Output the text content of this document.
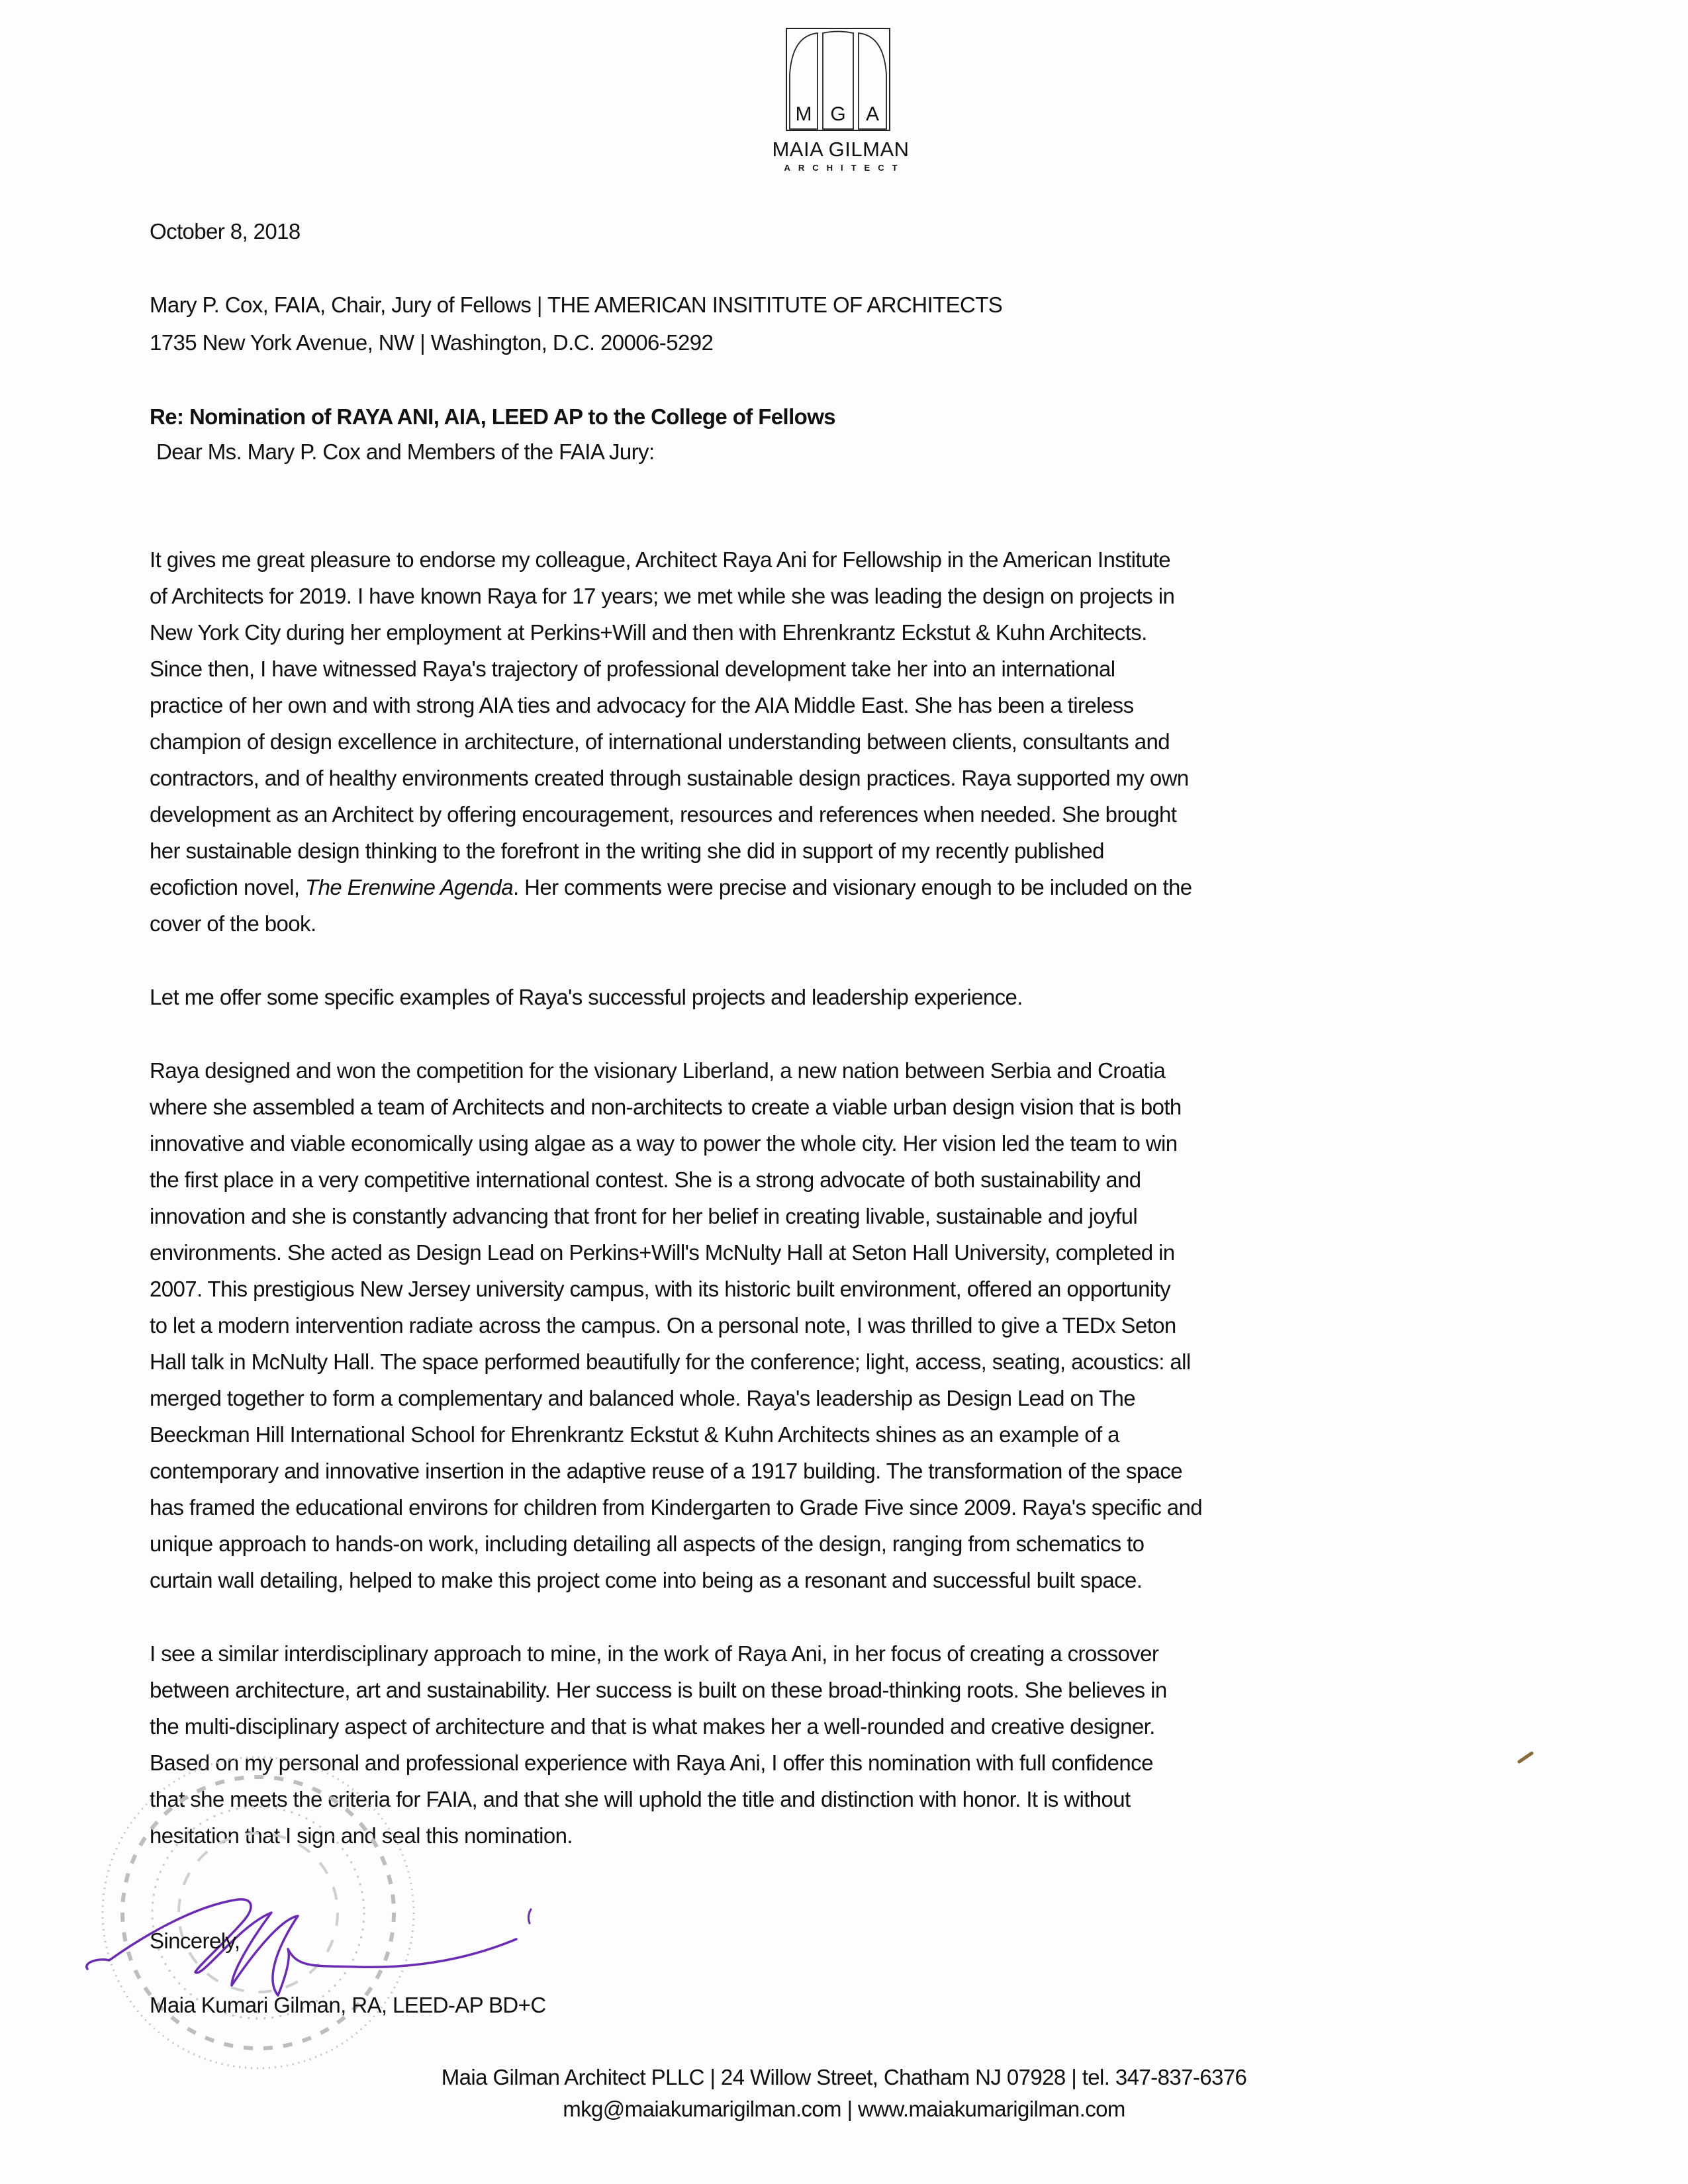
M G A
MAIA GILMAN
ARCHITECT
October 8, 2018
Mary P. Cox, FAIA, Chair, Jury of Fellows | THE AMERICAN INSITITUTE OF ARCHITECTS
1735 New York Avenue, NW | Washington, D.C. 20006-5292
Re: Nomination of RAYA ANI, AIA, LEED AP to the College of Fellows
Dear Ms. Mary P. Cox and Members of the FAIA Jury:
It gives me great pleasure to endorse my colleague, Architect Raya Ani for Fellowship in the American Institute
of Architects for 2019. I have known Raya for 17 years; we met while she was leading the design on projects in
New York City during her employment at Perkins+Will and then with Ehrenkrantz Eckstut & Kuhn Architects.
Since then, I have witnessed Raya's trajectory of professional development take her into an international
practice of her own and with strong AIA ties and advocacy for the AIA Middle East. She has been a tireless
champion of design excellence in architecture, of international understanding between clients, consultants and
contractors, and of healthy environments created through sustainable design practices. Raya supported my own
development as an Architect by offering encouragement, resources and references when needed. She brought
her sustainable design thinking to the forefront in the writing she did in support of my recently published
ecofiction novel, The Erenwine Agenda. Her comments were precise and visionary enough to be included on the
cover of the book.
Let me offer some specific examples of Raya's successful projects and leadership experience.
Raya designed and won the competition for the visionary Liberland, a new nation between Serbia and Croatia
where she assembled a team of Architects and non-architects to create a viable urban design vision that is both
innovative and viable economically using algae as a way to power the whole city. Her vision led the team to win
the first place in a very competitive international contest. She is a strong advocate of both sustainability and
innovation and she is constantly advancing that front for her belief in creating livable, sustainable and joyful
environments. She acted as Design Lead on Perkins+Will's McNulty Hall at Seton Hall University, completed in
2007. This prestigious New Jersey university campus, with its historic built environment, offered an opportunity
to let a modern intervention radiate across the campus. On a personal note, I was thrilled to give a TEDx Seton
Hall talk in McNulty Hall. The space performed beautifully for the conference; light, access, seating, acoustics: all
merged together to form a complementary and balanced whole. Raya's leadership as Design Lead on The
Beeckman Hill International School for Ehrenkrantz Eckstut & Kuhn Architects shines as an example of a
contemporary and innovative insertion in the adaptive reuse of a 1917 building. The transformation of the space
has framed the educational environs for children from Kindergarten to Grade Five since 2009. Raya's specific and
unique approach to hands-on work, including detailing all aspects of the design, ranging from schematics to
curtain wall detailing, helped to make this project come into being as a resonant and successful built space.
I see a similar interdisciplinary approach to mine, in the work of Raya Ani, in her focus of creating a crossover
between architecture, art and sustainability. Her success is built on these broad-thinking roots. She believes in
the multi-disciplinary aspect of architecture and that is what makes her a well-rounded and creative designer.
Based on my personal and professional experience with Raya Ani, I offer this nomination with full confidence
that she meets the criteria for FAIA, and that she will uphold the title and distinction with honor. It is without
hesitation that I sign and seal this nomination.
Sincerely,
Maia Kumari Gilman, RA, LEED-AP BD+C
Maia Gilman Architect PLLC | 24 Willow Street, Chatham NJ 07928 | tel. 347-837-6376
mkg@maiakumarigilman.com | www.maiakumarigilman.com
